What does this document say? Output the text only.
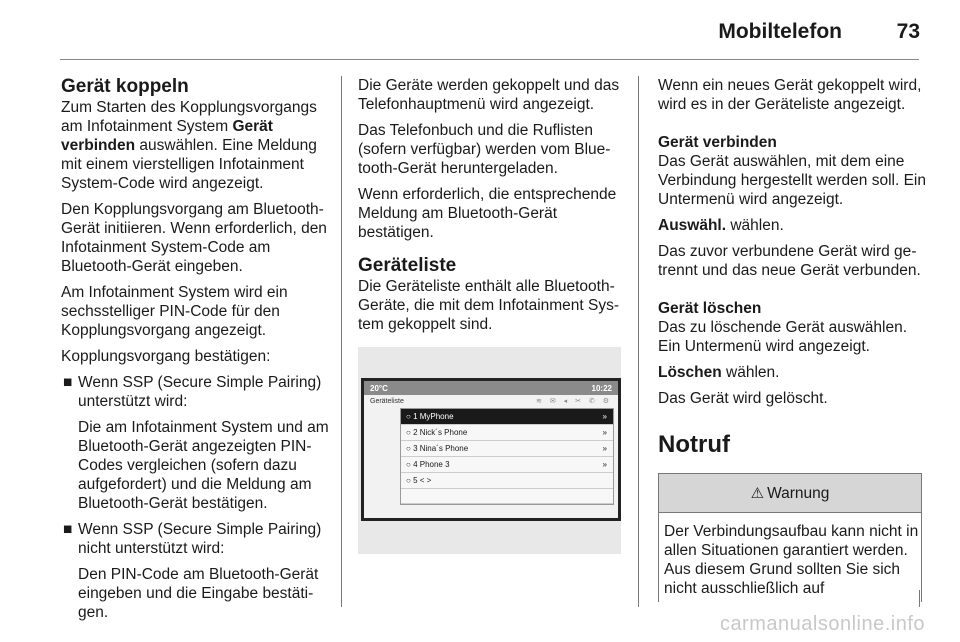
Mobiltelefon	73
Gerät koppeln

Zum Starten des Kopplungsvorgangs am Infotainment System Gerät verbinden auswählen. Eine Meldung mit einem vierstelligen Infotainment System-Code wird angezeigt.

Den Kopplungsvorgang am Bluetooth-Gerät initiieren. Wenn erforderlich, den Infotainment System-Code am Bluetooth-Gerät eingeben.

Am Infotainment System wird ein sechsstelliger PIN-Code für den Kopplungsvorgang angezeigt.

Kopplungsvorgang bestätigen:

■ Wenn SSP (Secure Simple Pairing) unterstützt wird:
Die am Infotainment System und am Bluetooth-Gerät angezeigten PIN-Codes vergleichen (sofern dazu aufgefordert) und die Meldung am Bluetooth-Gerät bestätigen.
■ Wenn SSP (Secure Simple Pairing) nicht unterstützt wird:
Den PIN-Code am Bluetooth-Gerät eingeben und die Eingabe bestätigen.

Die Geräte werden gekoppelt und das Telefonhauptmenü wird angezeigt.

Das Telefonbuch und die Ruflisten (sofern verfügbar) werden vom Bluetooth-Gerät heruntergeladen.

Wenn erforderlich, die entsprechende Meldung am Bluetooth-Gerät bestätigen.

Geräteliste

Die Geräteliste enthält alle Bluetooth-Geräte, die mit dem Infotainment System gekoppelt sind.

20°C	10:22
Geräteliste	≋ ✉ ◂ ✂ ✆ ⚙
○ 1 MyPhone	»
○ 2 Nick´s Phone	»
○ 3 Nina´s Phone	»
○ 4 Phone 3	»
○ 5 < >

Wenn ein neues Gerät gekoppelt wird, wird es in der Geräteliste angezeigt.

Gerät verbinden

Das Gerät auswählen, mit dem eine Verbindung hergestellt werden soll. Ein Untermenü wird angezeigt.

Auswähl. wählen.

Das zuvor verbundene Gerät wird getrennt und das neue Gerät verbunden.

Gerät löschen

Das zu löschende Gerät auswählen. Ein Untermenü wird angezeigt.

Löschen wählen.

Das Gerät wird gelöscht.

Notruf
⚠ Warnung
Der Verbindungsaufbau kann nicht in allen Situationen garantiert werden. Aus diesem Grund sollten Sie sich nicht ausschließlich auf
carmanualsonline.info
